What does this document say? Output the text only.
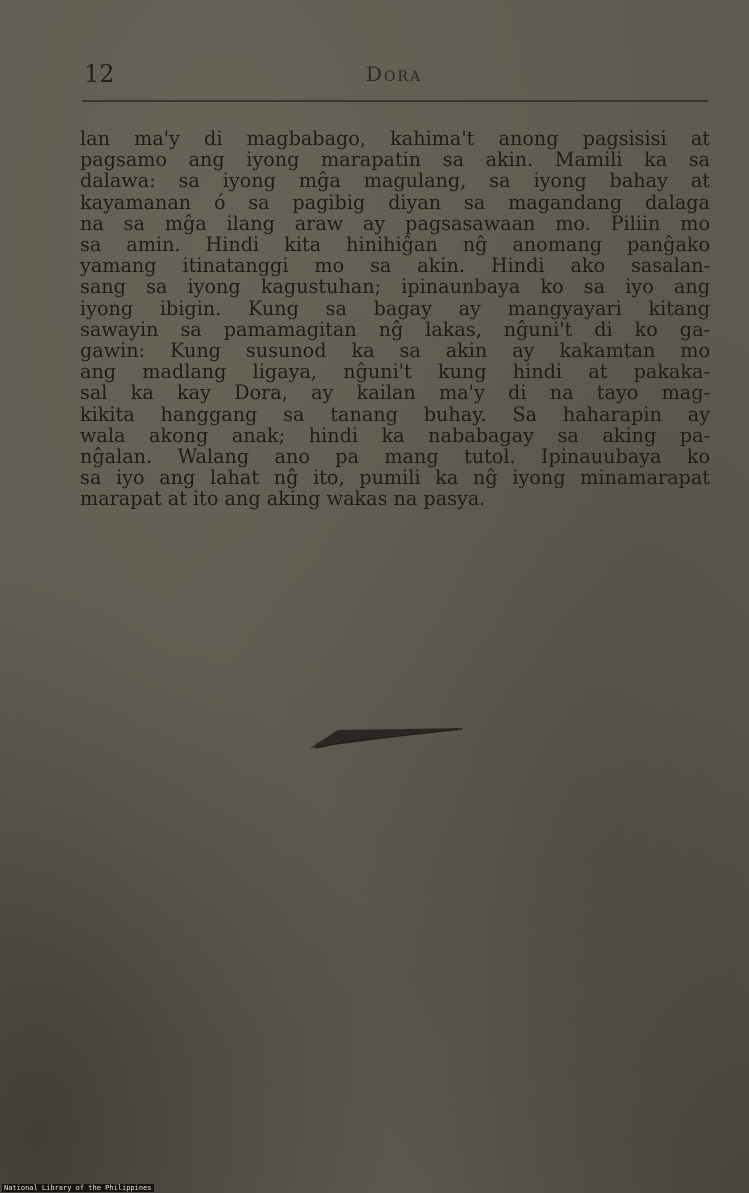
12	Dora
lan ma'y di magbabago, kahima't anong pagsisisi at
pagsamo ang iyong marapatin sa akin. Mamili ka sa
dalawa: sa iyong mĝa magulang, sa iyong bahay at
kayamanan ó sa pagibig diyan sa magandang dalaga
na sa mĝa ilang araw ay pagsasawaan mo. Piliin mo
sa amin. Hindi kita hinihiĝan nĝ anomang panĝako
yamang itinatanggi mo sa akin. Hindi ako sasalan-
sang sa iyong kagustuhan; ipinaunbaya ko sa iyo ang
iyong ibigin. Kung sa bagay ay mangyayari kitang
sawayin sa pamamagitan nĝ lakas, nĝuni't di ko ga-
gawin: Kung susunod ka sa akin ay kakamtan mo
ang madlang ligaya, nĝuni't kung hindi at pakaka-
sal ka kay Dora, ay kailan ma'y di na tayo mag-
kikita hanggang sa tanang buhay. Sa haharapin ay
wala akong anak; hindi ka nababagay sa aking pa-
nĝalan. Walang ano pa mang tutol. Ipinauubaya ko
sa iyo ang lahat nĝ ito, pumili ka nĝ iyong minamarapat
marapat at ito ang aking wakas na pasya.
National Library of the Philippines
